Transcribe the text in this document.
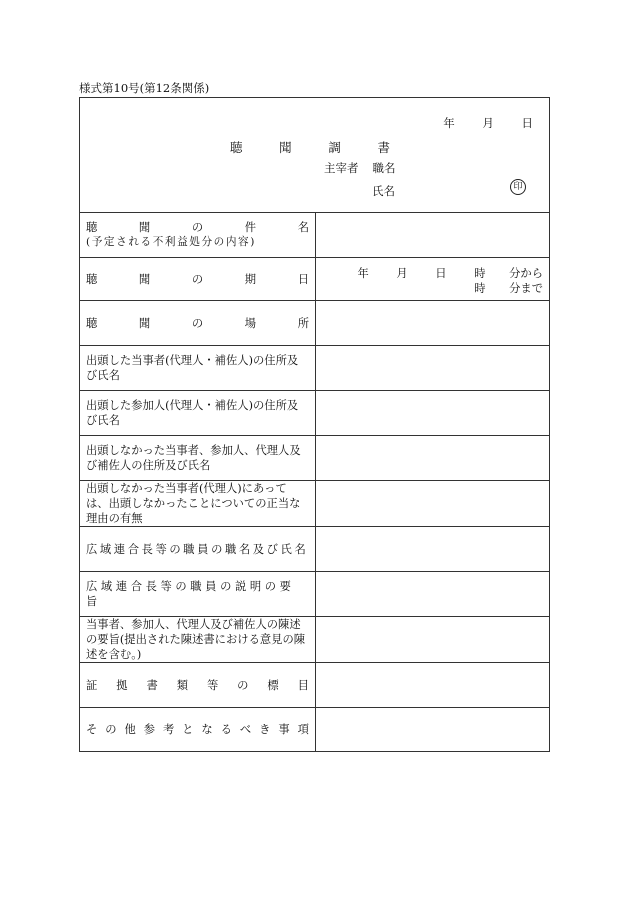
様式第10号(第12条関係)
年 月 日
聴	聞	調	書
主宰者 職名
氏名	印
聴	聞	の	件	名
(予定される不利益処分の内容)
聴	聞	の	期	日	年 月 日 時 分から
時 分まで
聴	聞	の	場	所
出頭した当事者(代理人・補佐人)の住所及び氏名
出頭した参加人(代理人・補佐人)の住所及び氏名
出頭しなかった当事者、参加人、代理人及び補佐人の住所及び氏名
出頭しなかった当事者(代理人)にあっては、出頭しなかったことについての正当な理由の有無
広域連合長等の職員の職名及び氏名
広域連合長等の職員の説明の要旨
当事者、参加人、代理人及び補佐人の陳述の要旨(提出された陳述書における意見の陳述を含む。)
証 拠 書 類 等 の 標 目
そ の 他 参 考 と な る べ き 事 項
